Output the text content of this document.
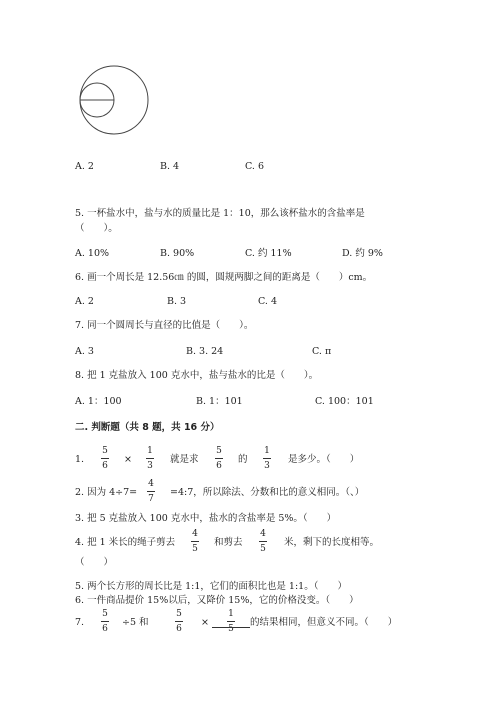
A. 2	B. 4	C. 6
5. 一杯盐水中，盐与水的质量比是 1：10，那么该杯盐水的含盐率是
（　　）。
A. 10%	B. 90%	C. 约 11%	D. 约 9%
6. 画一个周长是 12.56㎝ 的圆，圆规两脚之间的距离是（　　）cm。
A. 2	B. 3	C. 4
7. 同一个圆周长与直径的比值是（　　）。
A. 3	B. 3. 24	C. π
8. 把 1 克盐放入 100 克水中，盐与盐水的比是（　　）。
A. 1：100	B. 1：101	C. 100：101
二. 判断题（共 8 题，共 16 分）
1.
5
6
×
1
3
就是求
5
6
的
1
3
是多少。（　　）
2. 因为 4÷7=
4
7
=4:7，所以除法、分数和比的意义相同。（、）
3. 把 5 克盐放入 100 克水中，盐水的含盐率是 5%。（　　）
4. 把 1 米长的绳子剪去
4
5
和剪去
4
5
米，剩下的长度相等。
（　　）
5. 两个长方形的周长比是 1:1，它们的面积比也是 1:1。（　　）
6. 一件商品提价 15%以后，又降价 15%，它的价格没变。（　　）
7.
5
6
÷5 和
5
6
×
1
5
的结果相同，但意义不同。（　　）
